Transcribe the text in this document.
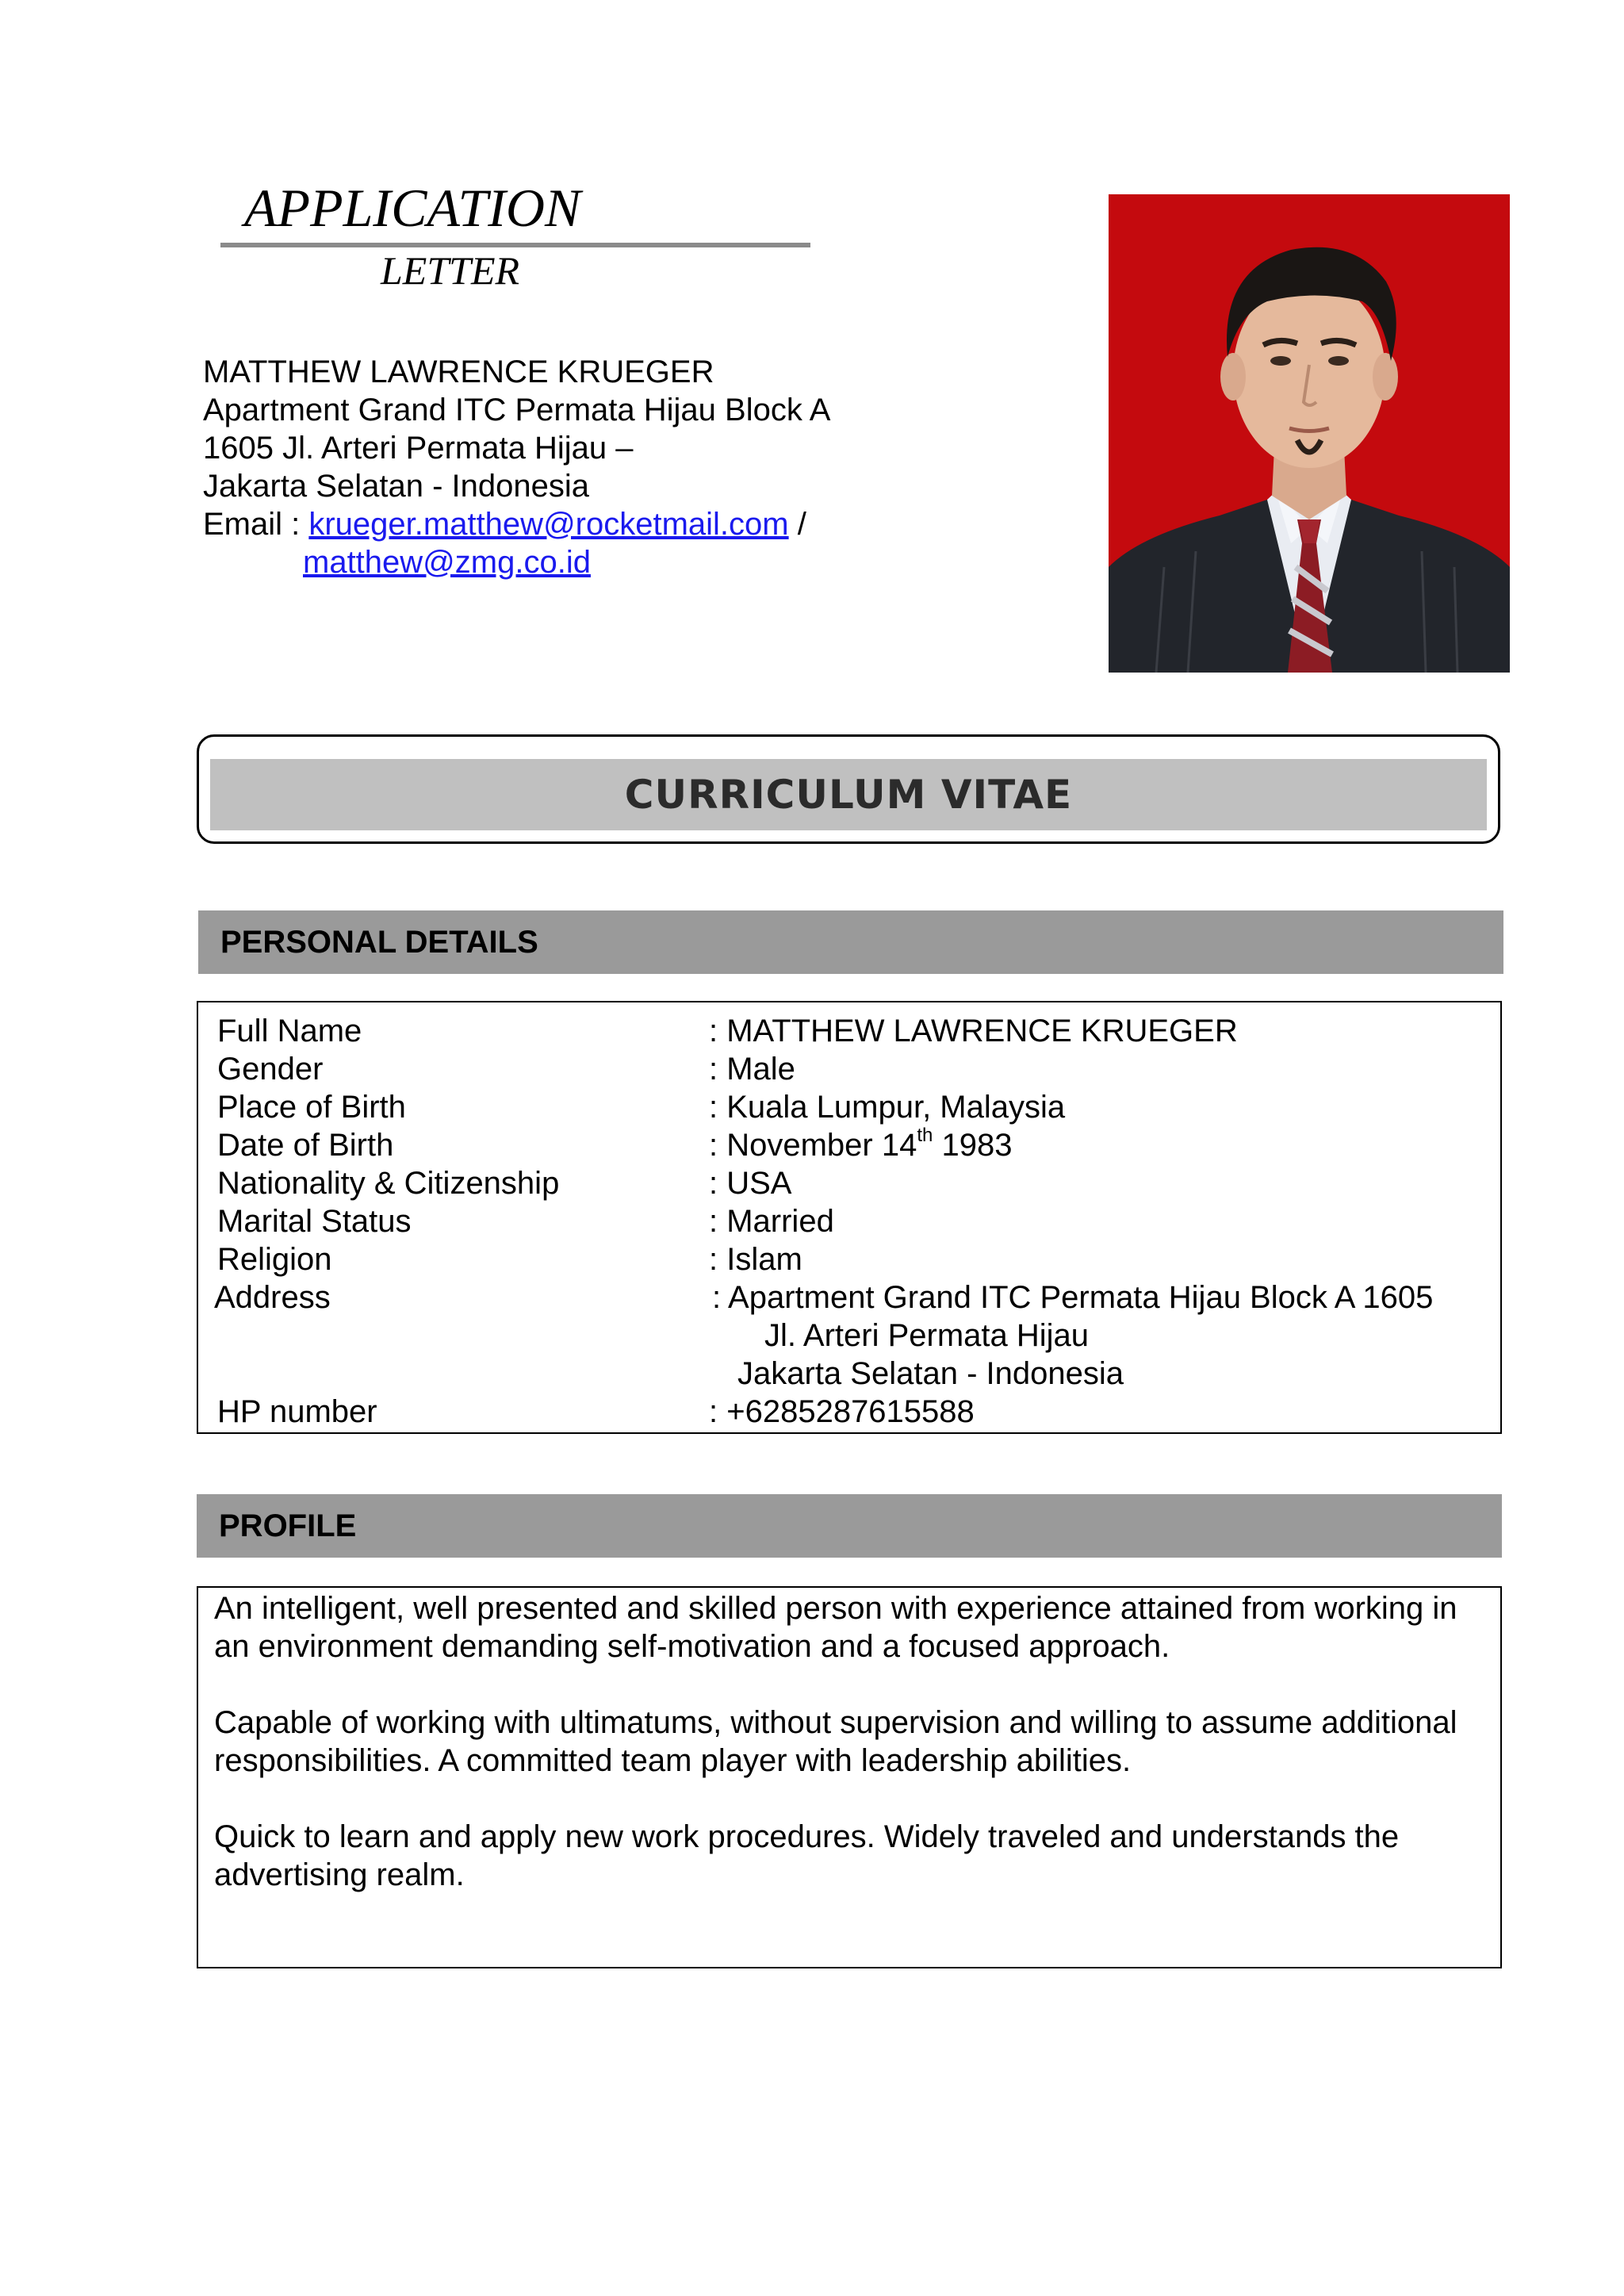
APPLICATION
LETTER
MATTHEW LAWRENCE KRUEGER
Apartment Grand ITC Permata Hijau Block A
1605 Jl. Arteri Permata Hijau –
Jakarta Selatan - Indonesia
Email : krueger.matthew@rocketmail.com /
matthew@zmg.co.id
CURRICULUM VITAE
PERSONAL DETAILS
Full Name	: MATTHEW LAWRENCE KRUEGER
Gender	: Male
Place of Birth	: Kuala Lumpur, Malaysia
Date of Birth	: November 14th 1983
Nationality & Citizenship	: USA
Marital Status	: Married
Religion	: Islam
Address	: Apartment Grand ITC Permata Hijau Block A 1605
Jl. Arteri Permata Hijau
Jakarta Selatan - Indonesia
HP number	: +6285287615588
PROFILE

An intelligent, well presented and skilled person with experience attained from working in an environment demanding self-motivation and a focused approach.

Capable of working with ultimatums, without supervision and willing to assume additional responsibilities. A committed team player with leadership abilities.

Quick to learn and apply new work procedures. Widely traveled and understands the advertising realm.
